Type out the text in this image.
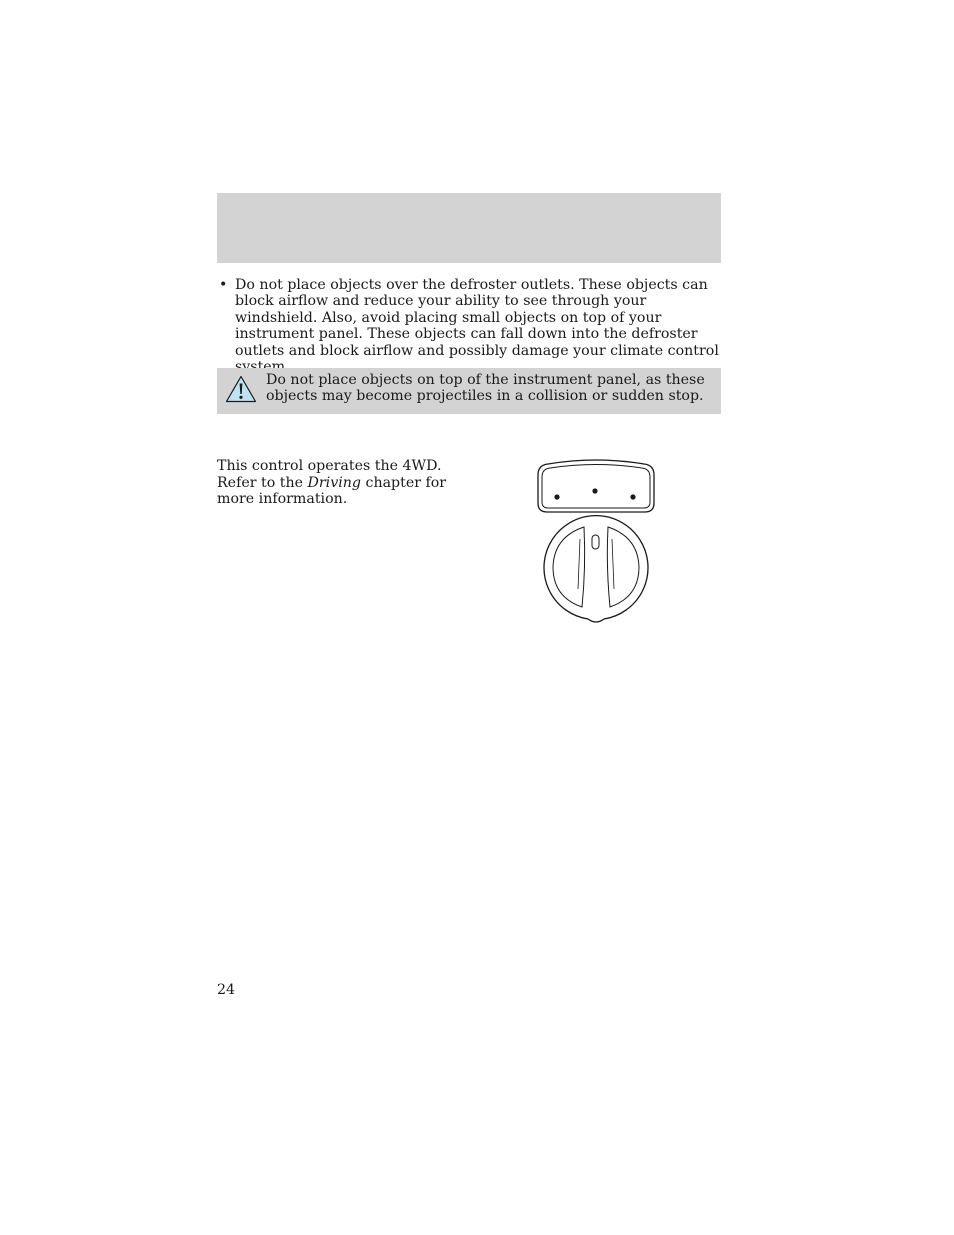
• Do not place objects over the defroster outlets. These objects can block airflow and reduce your ability to see through your windshield. Also, avoid placing small objects on top of your instrument panel. These objects can fall down into the defroster outlets and block airflow and possibly damage your climate control
Do not place objects on top of the instrument panel, as these objects may become projectiles in a collision or sudden stop.
This control operates the 4WD.
Refer to the Driving chapter for
more information.
24
